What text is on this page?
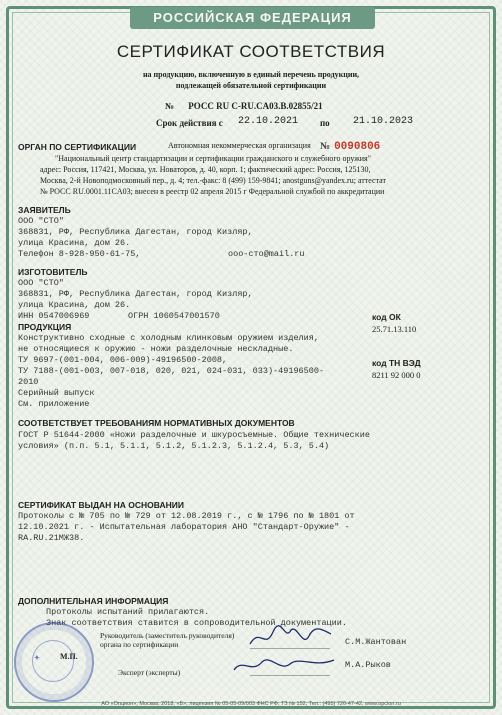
РОССИЙСКАЯ ФЕДЕРАЦИЯ
СЕРТИФИКАТ СООТВЕТСТВИЯ
на продукцию, включенную в единый перечень продукции,
подлежащей обязательной сертификации
№ РОСС RU C-RU.CA03.B.02855/21
Срок действия с 22.10.2021 по 21.10.2023
ОРГАН ПО СЕРТИФИКАЦИИ	Автономная некоммерческая организация № 0090806
"Национальный центр стандартизации и сертификации гражданского и служебного оружия"
адрес: Россия, 117421, Москва, ул. Новаторов, д. 40, корп. 1; фактический адрес: Россия, 125130,
Москва, 2-й Новоподмосковный пер., д. 4; тел.-факс: 8 (499) 159-9841; anostguns@yandex.ru; аттестат
№ РОСС RU.0001.11CA03; внесен в реестр 02 апреля 2015 г Федеральной службой по аккредитации
ЗАЯВИТЕЛЬ
ООО "СТО"
368831, РФ, Республика Дагестан, город Кизляр,
улица Красина, дом 26.
Телефон 8-928-950-61-75,	ооо-сто@mail.ru
ИЗГОТОВИТЕЛЬ
ООО "СТО"
368831, РФ, Республика Дагестан, город Кизляр,
улица Красина, дом 26.
ИНН 0547006969	ОГРН 1060547001570
ПРОДУКЦИЯ
код ОК
25.71.13.110
Конструктивно сходные с холодным клинковым оружием изделия,
не относящиеся к оружию - ножи разделочные нескладные.
ТУ 9697-(001-004, 006-009)-49196500-2008,
ТУ 7188-(001-003, 007-018, 020, 021, 024-031, 033)-49196500-
код ТН ВЭД
8211 92 000 0
2010
Серийный выпуск
См. приложение
СООТВЕТСТВУЕТ ТРЕБОВАНИЯМ НОРМАТИВНЫХ ДОКУМЕНТОВ
ГОСТ Р 51644-2000 «Ножи разделочные и шкуросъемные. Общие технические
условия» (п.п. 5.1, 5.1.1, 5.1.2, 5.1.2.3, 5.1.2.4, 5.3, 5.4)
СЕРТИФИКАТ ВЫДАН НА ОСНОВАНИИ
Протоколы с № 705 по № 729 от 12.08.2019 г., с № 1796 по № 1801 от
12.10.2021 г. - Испытательная лаборатория АНО "Стандарт-Оружие" -
RA.RU.21МЖ38.
ДОПОЛНИТЕЛЬНАЯ ИНФОРМАЦИЯ
Протоколы испытаний прилагаются.
Знак соответствия ставится в сопроводительной документации.
Руководитель (заместитель руководителя)
органа по сертификации	С.М.Жантован
М.П.
Эксперт (эксперты)
М.А.Рыков
✦
АО «Опцион», Москва, 2018, «Б», лицензия № 05-05-09/003 ФНС РФ, ТЗ № 152, Тел.: (495) 726-47-42, www.opcion.ru
